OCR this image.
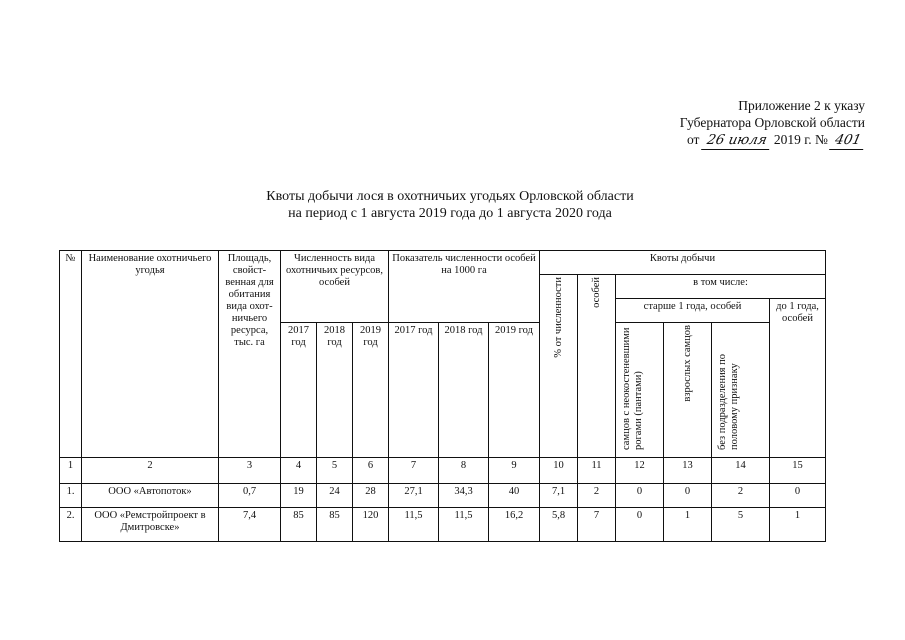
Приложение 2 к указу
Губернатора Орловской области
от 26 июля 2019 г. № 401
Квоты добычи лося в охотничьих угодьях Орловской области
на период с 1 августа 2019 года до 1 августа 2020 года
№	Наименование охотничьего угодья	Площадь, свойст-венная для обитания вида охот-ничьего ресурса, тыс. га	Численность вида охотничьих ресурсов, особей			Показатель численности особей на 1000 га			Квоты добычи					
									% от численности	особей	в том числе:			
											старше 1 года, особей			до 1 года, особей
			2017 год	2018 год	2019 год	2017 год	2018 год	2019 год			самцов с неокостеневшими рогами (пантами)	взрослых самцов	без подразделения по половому признаку	
1	2	3	4	5	6	7	8	9	10	11	12	13	14	15
1.	ООО «Автопоток»	0,7	19	24	28	27,1	34,3	40	7,1	2	0	0	2	0
2.	ООО «Ремстройпроект в Дмитровске»	7,4	85	85	120	11,5	11,5	16,2	5,8	7	0	1	5	1
